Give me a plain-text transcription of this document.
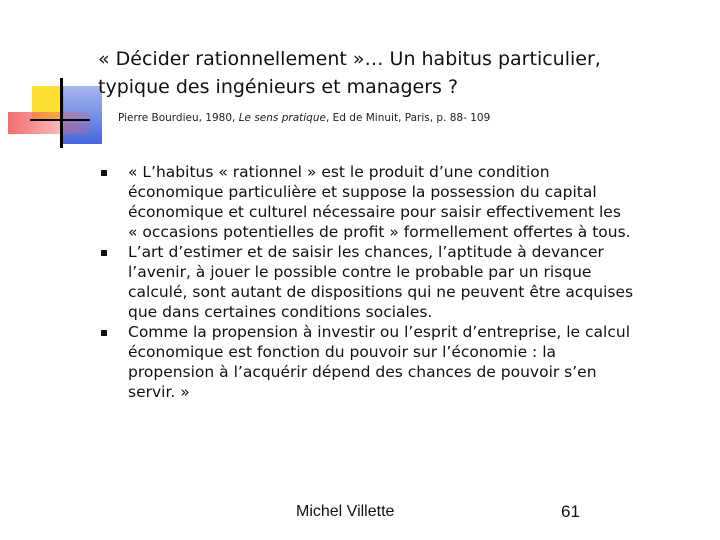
« Décider rationnellement »… Un habitus particulier,
typique des ingénieurs et managers ?
Pierre Bourdieu, 1980, Le sens pratique, Ed de Minuit, Paris, p. 88- 109
« L’habitus « rationnel » est le produit d’une condition
économique particulière et suppose la possession du capital
économique et culturel nécessaire pour saisir effectivement les
« occasions potentielles de profit » formellement offertes à tous.
L’art d’estimer et de saisir les chances, l’aptitude à devancer
l’avenir, à jouer le possible contre le probable par un risque
calculé, sont autant de dispositions qui ne peuvent être acquises
que dans certaines conditions sociales.
Comme la propension à investir ou l’esprit d’entreprise, le calcul
économique est fonction du pouvoir sur l’économie : la
propension à l’acquérir dépend des chances de pouvoir s’en
servir. »
Michel Villette	61
